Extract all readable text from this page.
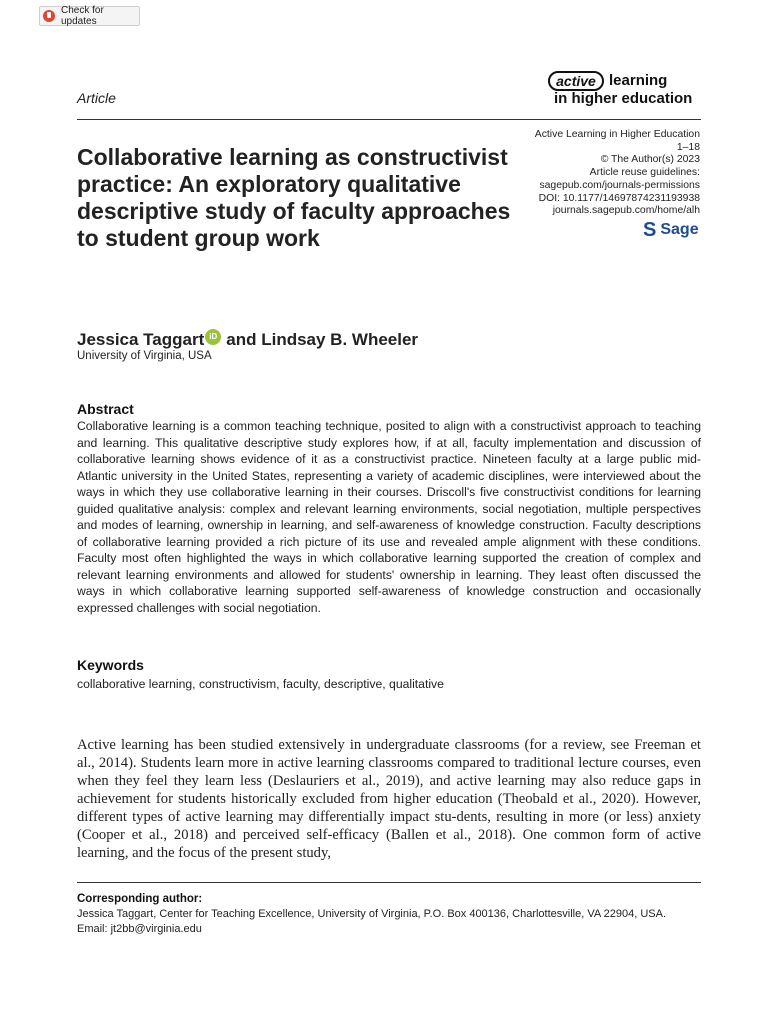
Check for updates
Article
active learning
in higher education
Active Learning in Higher Education
1–18
© The Author(s) 2023
Article reuse guidelines:
sagepub.com/journals-permissions
DOI: 10.1177/14697874231193938
journals.sagepub.com/home/alh
S Sage
Collaborative learning as constructivist practice: An exploratory qualitative descriptive study of faculty approaches to student group work
Jessica Taggart iD and Lindsay B. Wheeler
University of Virginia, USA
Abstract

Collaborative learning is a common teaching technique, posited to align with a constructivist approach to teaching and learning. This qualitative descriptive study explores how, if at all, faculty implementation and discussion of collaborative learning shows evidence of it as a constructivist practice. Nineteen faculty at a large public mid-Atlantic university in the United States, representing a variety of academic disciplines, were interviewed about the ways in which they use collaborative learning in their courses. Driscoll's five constructivist conditions for learning guided qualitative analysis: complex and relevant learning environments, social negotiation, multiple perspectives and modes of learning, ownership in learning, and self-awareness of knowledge construction. Faculty descriptions of collaborative learning provided a rich picture of its use and revealed ample alignment with these conditions. Faculty most often highlighted the ways in which collaborative learning supported the creation of complex and relevant learning environments and allowed for students' ownership in learning. They least often discussed the ways in which collaborative learning supported self-awareness of knowledge construction and occasionally expressed challenges with social negotiation.

Keywords
collaborative learning, constructivism, faculty, descriptive, qualitative

Active learning has been studied extensively in undergraduate classrooms (for a review, see Freeman et al., 2014). Students learn more in active learning classrooms compared to traditional lecture courses, even when they feel they learn less (Deslauriers et al., 2019), and active learning may also reduce gaps in achievement for students historically excluded from higher education (Theobald et al., 2020). However, different types of active learning may differentially impact stu-dents, resulting in more (or less) anxiety (Cooper et al., 2018) and perceived self-efficacy (Ballen et al., 2018). One common form of active learning, and the focus of the present study,

Corresponding author:
Jessica Taggart, Center for Teaching Excellence, University of Virginia, P.O. Box 400136, Charlottesville, VA 22904, USA.
Email: jt2bb@virginia.edu
